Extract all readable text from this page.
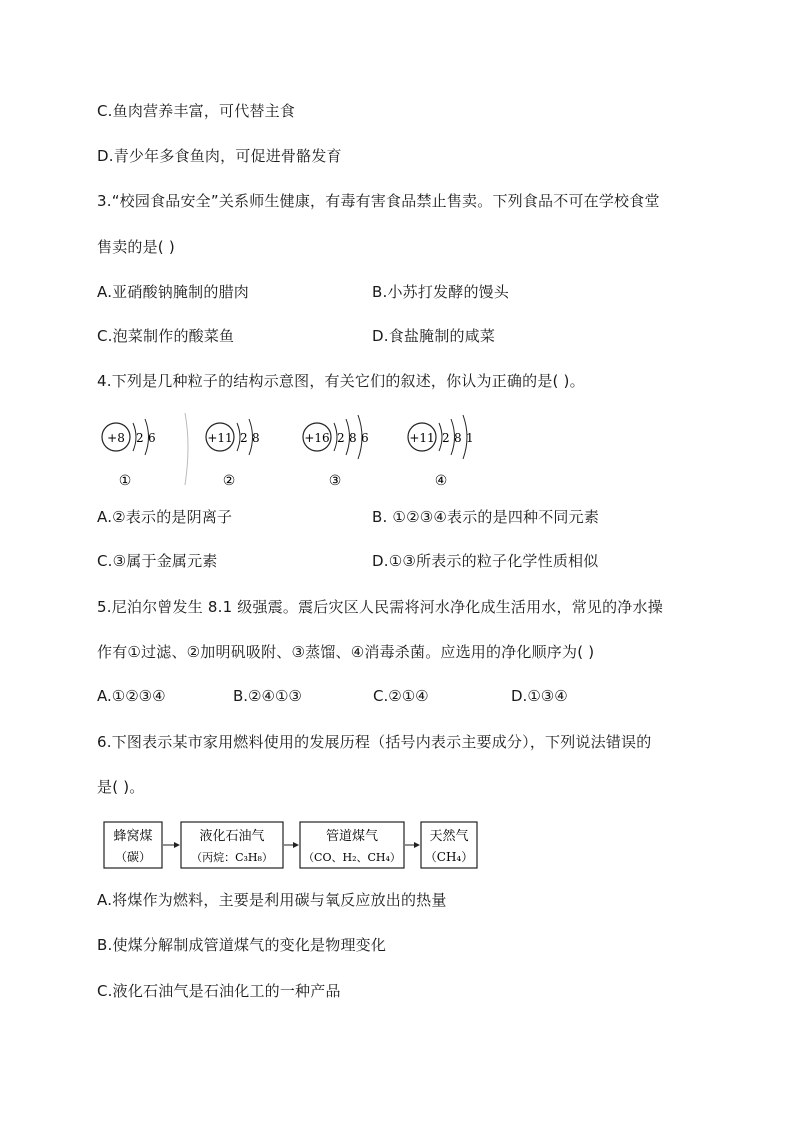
C.鱼肉营养丰富，可代替主食
D.青少年多食鱼肉，可促进骨骼发育
3.“校园食品安全”关系师生健康，有毒有害食品禁止售卖。下列食品不可在学校食堂
售卖的是( )
A.亚硝酸钠腌制的腊肉	B.小苏打发酵的馒头
C.泡菜制作的酸菜鱼	D.食盐腌制的咸菜
4.下列是几种粒子的结构示意图，有关它们的叙述，你认为正确的是( )。
+8 2 6
①
+11 2 8
②
+16 2 8 6
③
+11 2 8 1
④
A.②表示的是阴离子	B. ①②③④表示的是四种不同元素
C.③属于金属元素	D.①③所表示的粒子化学性质相似
5.尼泊尔曾发生 8.1 级强震。震后灾区人民需将河水净化成生活用水，常见的净水操
作有①过滤、②加明矾吸附、③蒸馏、④消毒杀菌。应选用的净化顺序为( )
A.①②③④	B.②④①③	C.②①④	D.①③④
6.下图表示某市家用燃料使用的发展历程（括号内表示主要成分），下列说法错误的
是( )。
蜂窝煤
（碳）
液化石油气
（丙烷：C₃H₈）
管道煤气
（CO、H₂、CH₄）
天然气
（CH₄）
A.将煤作为燃料，主要是利用碳与氧反应放出的热量
B.使煤分解制成管道煤气的变化是物理变化
C.液化石油气是石油化工的一种产品
